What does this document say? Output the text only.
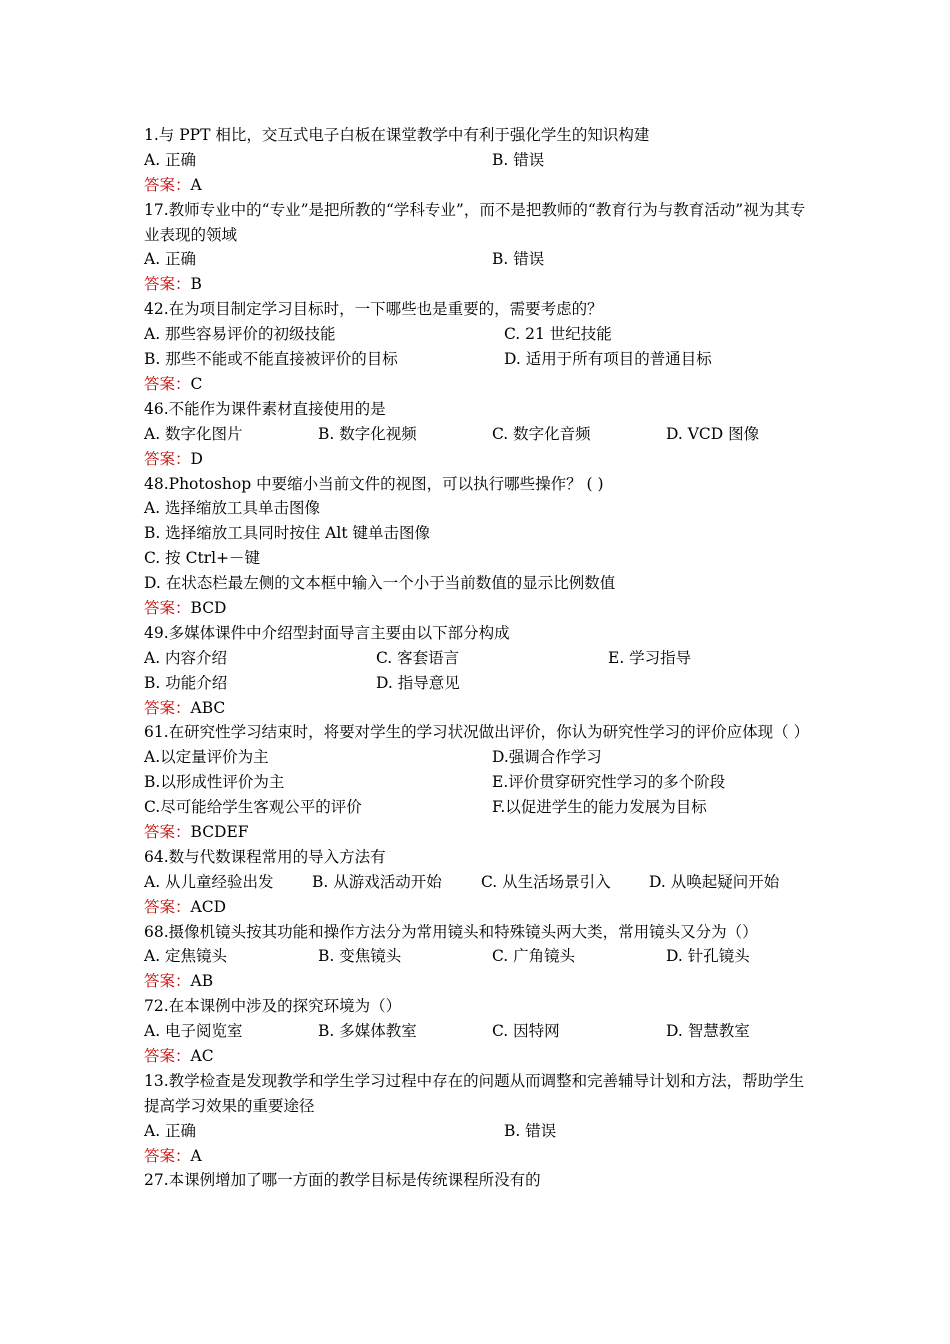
1.与 PPT 相比，交互式电子白板在课堂教学中有利于强化学生的知识构建
A. 正确	B. 错误
答案：A
17.教师专业中的“专业”是把所教的“学科专业”，而不是把教师的“教育行为与教育活动”视为其专业表现的领域
A. 正确	B. 错误
答案：B
42.在为项目制定学习目标时，一下哪些也是重要的，需要考虑的？
A. 那些容易评价的初级技能	C. 21 世纪技能
B. 那些不能或不能直接被评价的目标	D. 适用于所有项目的普通目标
答案：C
46.不能作为课件素材直接使用的是
A. 数字化图片	B. 数字化视频	C. 数字化音频	D. VCD 图像
答案：D
48.Photoshop 中要缩小当前文件的视图，可以执行哪些操作？ ( )
A. 选择缩放工具单击图像
B. 选择缩放工具同时按住 Alt 键单击图像
C. 按 Ctrl+－键
D. 在状态栏最左侧的文本框中输入一个小于当前数值的显示比例数值
答案：BCD
49.多媒体课件中介绍型封面导言主要由以下部分构成
A. 内容介绍	C. 客套语言	E. 学习指导
B. 功能介绍	D. 指导意见
答案：ABC
61.在研究性学习结束时，将要对学生的学习状况做出评价，你认为研究性学习的评价应体现（ ）
A.以定量评价为主	D.强调合作学习
B.以形成性评价为主	E.评价贯穿研究性学习的多个阶段
C.尽可能给学生客观公平的评价	F.以促进学生的能力发展为目标
答案：BCDEF
64.数与代数课程常用的导入方法有
A. 从儿童经验出发 B. 从游戏活动开始	C. 从生活场景引入 D. 从唤起疑问开始
答案：ACD
68.摄像机镜头按其功能和操作方法分为常用镜头和特殊镜头两大类，常用镜头又分为（）
A. 定焦镜头	B. 变焦镜头	C. 广角镜头	D. 针孔镜头
答案：AB
72.在本课例中涉及的探究环境为（）
A. 电子阅览室	B. 多媒体教室	C. 因特网	D. 智慧教室
答案：AC
13.教学检查是发现教学和学生学习过程中存在的问题从而调整和完善辅导计划和方法，帮助学生提高学习效果的重要途径
A. 正确	B. 错误
答案：A
27.本课例增加了哪一方面的教学目标是传统课程所没有的
